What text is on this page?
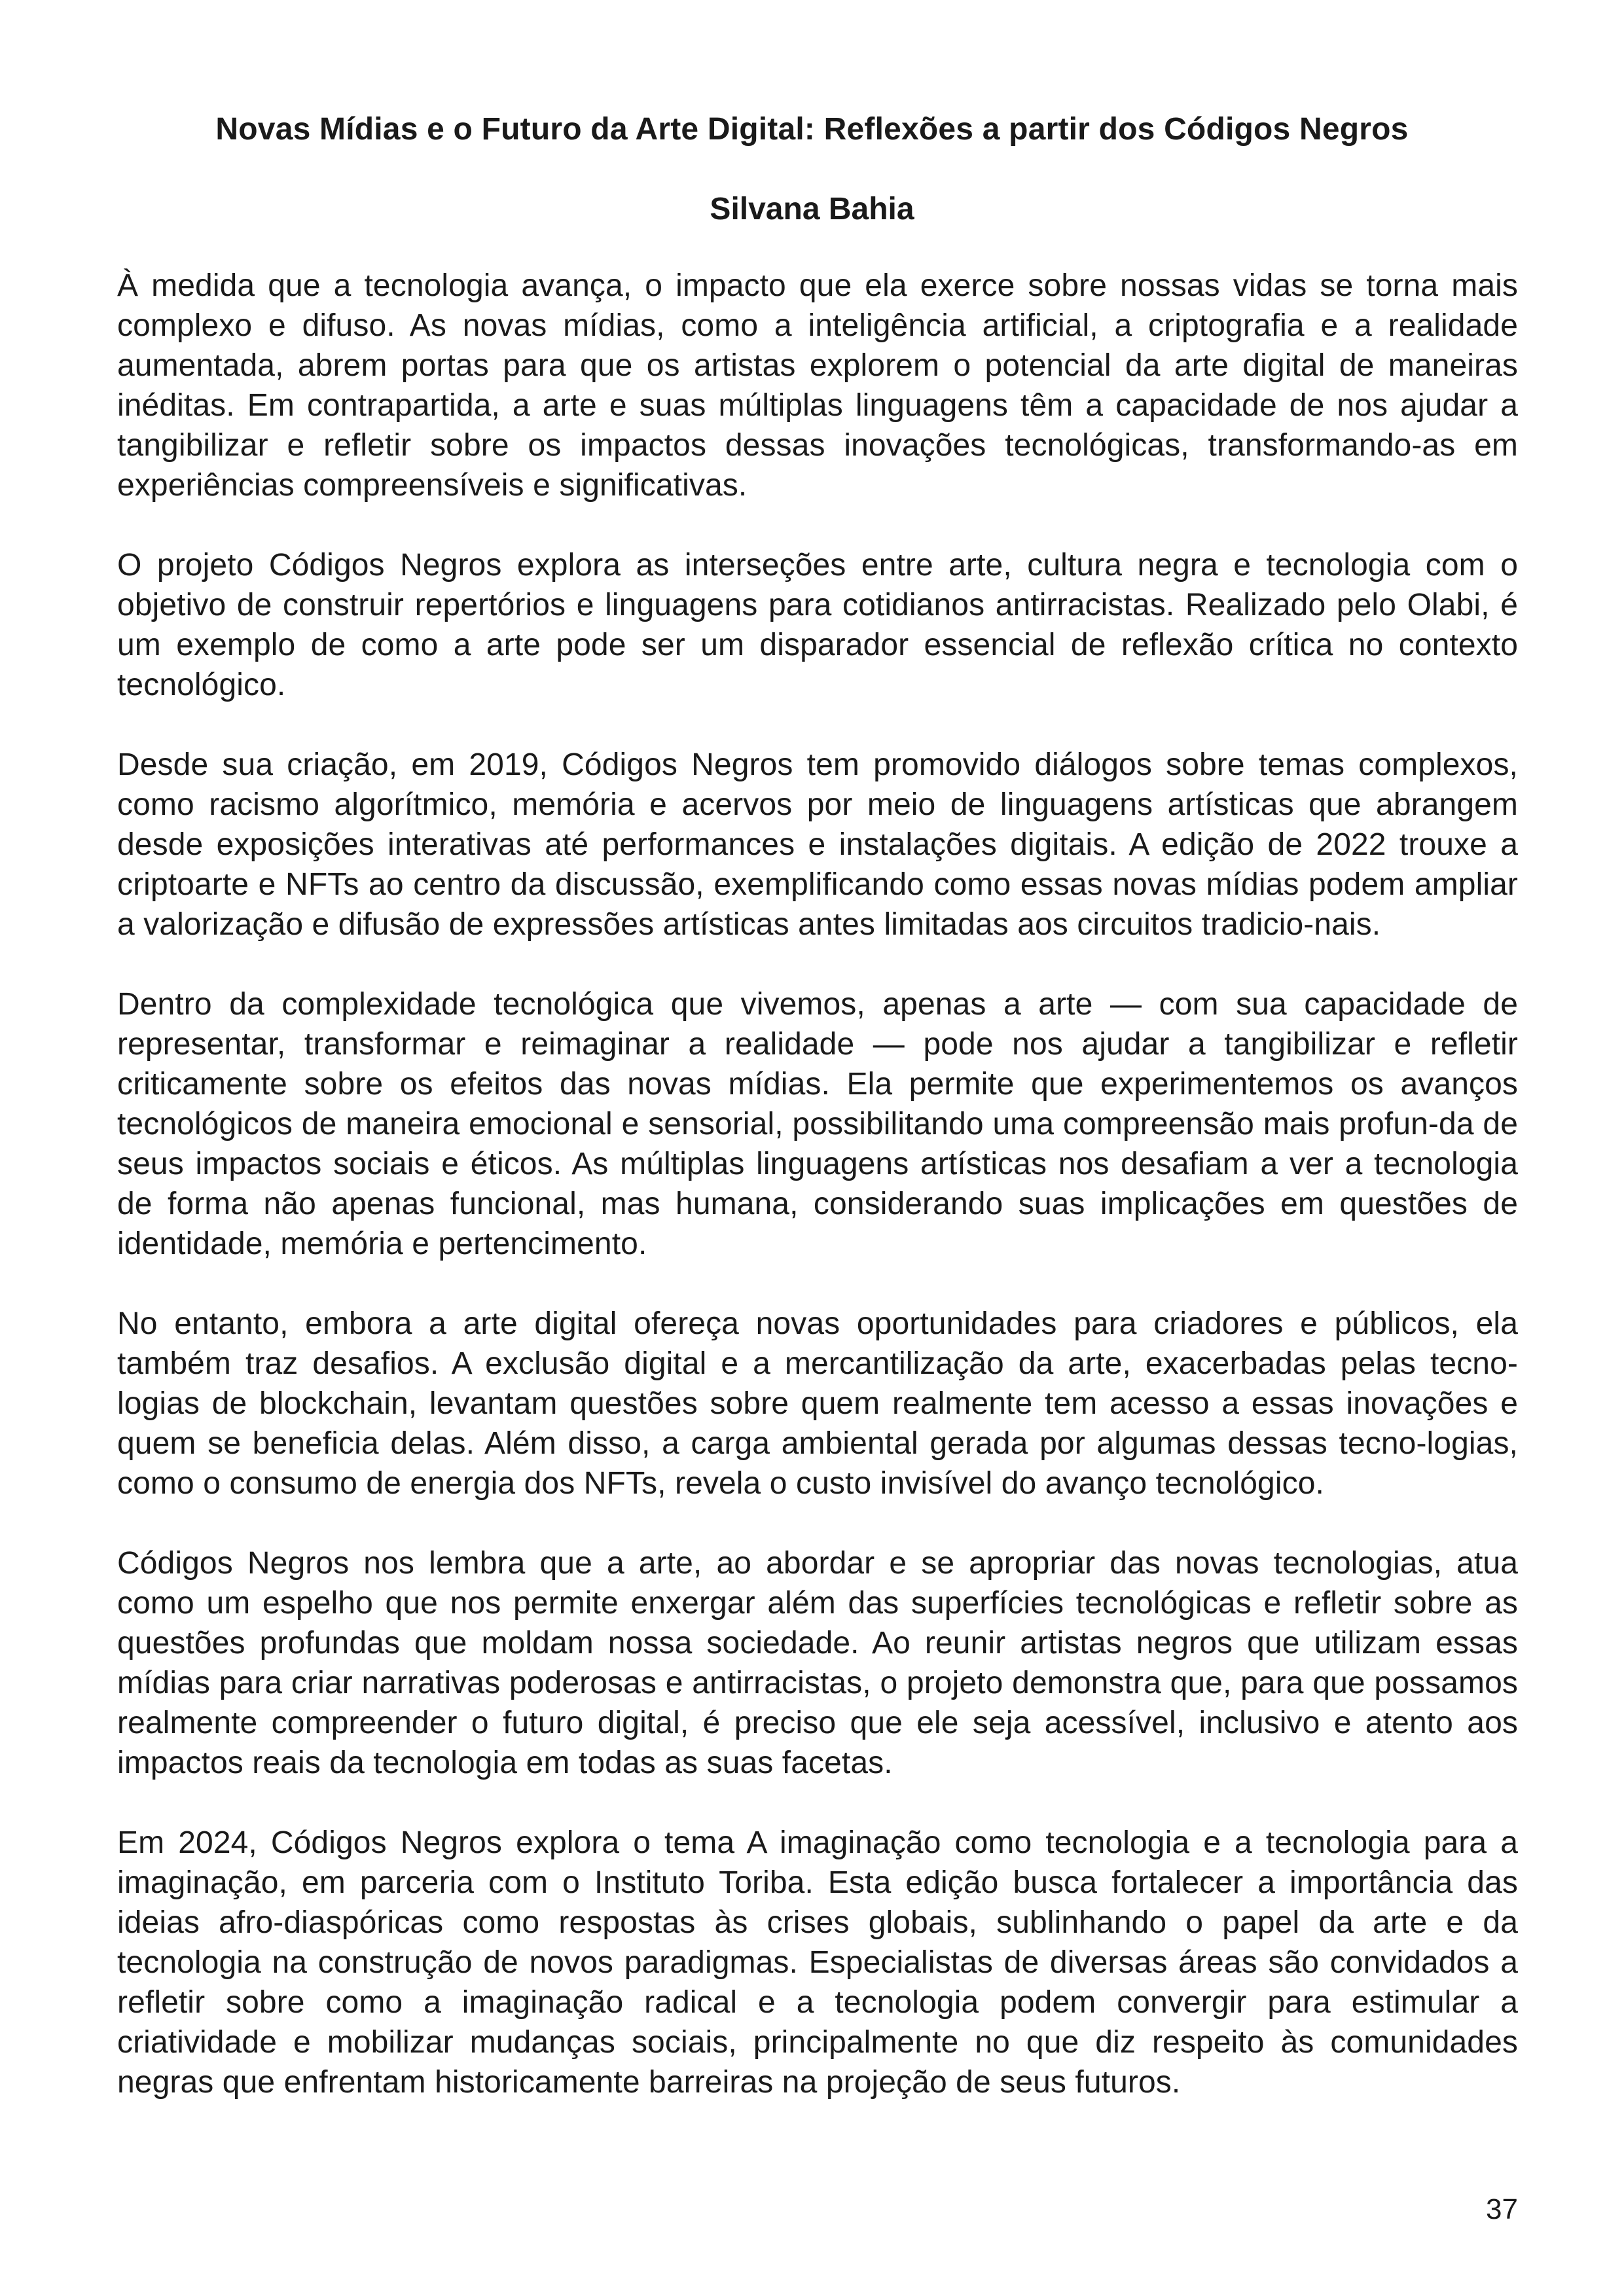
Novas Mídias e o Futuro da Arte Digital: Reflexões a partir dos Códigos Negros
Silvana Bahia

À medida que a tecnologia avança, o impacto que ela exerce sobre nossas vidas se torna mais complexo e difuso. As novas mídias, como a inteligência artificial, a criptografia e a realidade aumentada, abrem portas para que os artistas explorem o potencial da arte digital de maneiras inéditas. Em contrapartida, a arte e suas múltiplas linguagens têm a capacidade de nos ajudar a tangibilizar e refletir sobre os impactos dessas inovações tecnológicas, transformando-as em experiências compreensíveis e significativas.

O projeto Códigos Negros explora as interseções entre arte, cultura negra e tecnologia com o objetivo de construir repertórios e linguagens para cotidianos antirracistas. Realizado pelo Olabi, é um exemplo de como a arte pode ser um disparador essencial de reflexão crítica no contexto tecnológico.

Desde sua criação, em 2019, Códigos Negros tem promovido diálogos sobre temas complexos, como racismo algorítmico, memória e acervos por meio de linguagens artísticas que abrangem desde exposições interativas até performances e instalações digitais. A edição de 2022 trouxe a criptoarte e NFTs ao centro da discussão, exemplificando como essas novas mídias podem ampliar a valorização e difusão de expressões artísticas antes limitadas aos circuitos tradicio-nais.

Dentro da complexidade tecnológica que vivemos, apenas a arte — com sua capacidade de representar, transformar e reimaginar a realidade — pode nos ajudar a tangibilizar e refletir criticamente sobre os efeitos das novas mídias. Ela permite que experimentemos os avanços tecnológicos de maneira emocional e sensorial, possibilitando uma compreensão mais profun-da de seus impactos sociais e éticos. As múltiplas linguagens artísticas nos desafiam a ver a tecnologia de forma não apenas funcional, mas humana, considerando suas implicações em questões de identidade, memória e pertencimento.

No entanto, embora a arte digital ofereça novas oportunidades para criadores e públicos, ela também traz desafios. A exclusão digital e a mercantilização da arte, exacerbadas pelas tecno-logias de blockchain, levantam questões sobre quem realmente tem acesso a essas inovações e quem se beneficia delas. Além disso, a carga ambiental gerada por algumas dessas tecno-logias, como o consumo de energia dos NFTs, revela o custo invisível do avanço tecnológico.

Códigos Negros nos lembra que a arte, ao abordar e se apropriar das novas tecnologias, atua como um espelho que nos permite enxergar além das superfícies tecnológicas e refletir sobre as questões profundas que moldam nossa sociedade. Ao reunir artistas negros que utilizam essas mídias para criar narrativas poderosas e antirracistas, o projeto demonstra que, para que possamos realmente compreender o futuro digital, é preciso que ele seja acessível, inclusivo e atento aos impactos reais da tecnologia em todas as suas facetas.

Em 2024, Códigos Negros explora o tema A imaginação como tecnologia e a tecnologia para a imaginação, em parceria com o Instituto Toriba. Esta edição busca fortalecer a importância das ideias afro-diaspóricas como respostas às crises globais, sublinhando o papel da arte e da tecnologia na construção de novos paradigmas. Especialistas de diversas áreas são convidados a refletir sobre como a imaginação radical e a tecnologia podem convergir para estimular a criatividade e mobilizar mudanças sociais, principalmente no que diz respeito às comunidades negras que enfrentam historicamente barreiras na projeção de seus futuros.

37
